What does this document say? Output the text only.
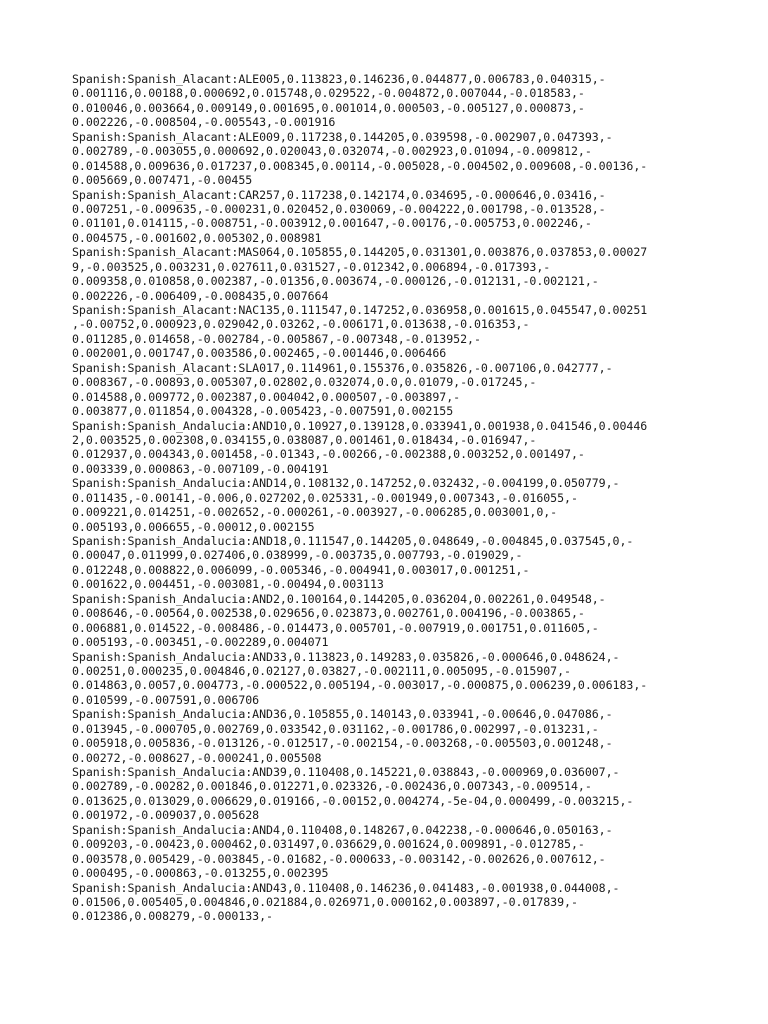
Spanish:Spanish_Alacant:ALE005,0.113823,0.146236,0.044877,0.006783,0.040315,-
0.001116,0.00188,0.000692,0.015748,0.029522,-0.004872,0.007044,-0.018583,-
0.010046,0.003664,0.009149,0.001695,0.001014,0.000503,-0.005127,0.000873,-
0.002226,-0.008504,-0.005543,-0.001916
Spanish:Spanish_Alacant:ALE009,0.117238,0.144205,0.039598,-0.002907,0.047393,-
0.002789,-0.003055,0.000692,0.020043,0.032074,-0.002923,0.01094,-0.009812,-
0.014588,0.009636,0.017237,0.008345,0.00114,-0.005028,-0.004502,0.009608,-0.00136,-
0.005669,0.007471,-0.00455
Spanish:Spanish_Alacant:CAR257,0.117238,0.142174,0.034695,-0.000646,0.03416,-
0.007251,-0.009635,-0.000231,0.020452,0.030069,-0.004222,0.001798,-0.013528,-
0.01101,0.014115,-0.008751,-0.003912,0.001647,-0.00176,-0.005753,0.002246,-
0.004575,-0.001602,0.005302,0.008981
Spanish:Spanish_Alacant:MAS064,0.105855,0.144205,0.031301,0.003876,0.037853,0.00027
9,-0.003525,0.003231,0.027611,0.031527,-0.012342,0.006894,-0.017393,-
0.009358,0.010858,0.002387,-0.01356,0.003674,-0.000126,-0.012131,-0.002121,-
0.002226,-0.006409,-0.008435,0.007664
Spanish:Spanish_Alacant:NAC135,0.111547,0.147252,0.036958,0.001615,0.045547,0.00251
,-0.00752,0.000923,0.029042,0.03262,-0.006171,0.013638,-0.016353,-
0.011285,0.014658,-0.002784,-0.005867,-0.007348,-0.013952,-
0.002001,0.001747,0.003586,0.002465,-0.001446,0.006466
Spanish:Spanish_Alacant:SLA017,0.114961,0.155376,0.035826,-0.007106,0.042777,-
0.008367,-0.00893,0.005307,0.02802,0.032074,0.0,0.01079,-0.017245,-
0.014588,0.009772,0.002387,0.004042,0.000507,-0.003897,-
0.003877,0.011854,0.004328,-0.005423,-0.007591,0.002155
Spanish:Spanish_Andalucia:AND10,0.10927,0.139128,0.033941,0.001938,0.041546,0.00446
2,0.003525,0.002308,0.034155,0.038087,0.001461,0.018434,-0.016947,-
0.012937,0.004343,0.001458,-0.01343,-0.00266,-0.002388,0.003252,0.001497,-
0.003339,0.000863,-0.007109,-0.004191
Spanish:Spanish_Andalucia:AND14,0.108132,0.147252,0.032432,-0.004199,0.050779,-
0.011435,-0.00141,-0.006,0.027202,0.025331,-0.001949,0.007343,-0.016055,-
0.009221,0.014251,-0.002652,-0.000261,-0.003927,-0.006285,0.003001,0,-
0.005193,0.006655,-0.00012,0.002155
Spanish:Spanish_Andalucia:AND18,0.111547,0.144205,0.048649,-0.004845,0.037545,0,-
0.00047,0.011999,0.027406,0.038999,-0.003735,0.007793,-0.019029,-
0.012248,0.008822,0.006099,-0.005346,-0.004941,0.003017,0.001251,-
0.001622,0.004451,-0.003081,-0.00494,0.003113
Spanish:Spanish_Andalucia:AND2,0.100164,0.144205,0.036204,0.002261,0.049548,-
0.008646,-0.00564,0.002538,0.029656,0.023873,0.002761,0.004196,-0.003865,-
0.006881,0.014522,-0.008486,-0.014473,0.005701,-0.007919,0.001751,0.011605,-
0.005193,-0.003451,-0.002289,0.004071
Spanish:Spanish_Andalucia:AND33,0.113823,0.149283,0.035826,-0.000646,0.048624,-
0.00251,0.000235,0.004846,0.02127,0.03827,-0.002111,0.005095,-0.015907,-
0.014863,0.0057,0.004773,-0.000522,0.005194,-0.003017,-0.000875,0.006239,0.006183,-
0.010599,-0.007591,0.006706
Spanish:Spanish_Andalucia:AND36,0.105855,0.140143,0.033941,-0.00646,0.047086,-
0.013945,-0.000705,0.002769,0.033542,0.031162,-0.001786,0.002997,-0.013231,-
0.005918,0.005836,-0.013126,-0.012517,-0.002154,-0.003268,-0.005503,0.001248,-
0.00272,-0.008627,-0.000241,0.005508
Spanish:Spanish_Andalucia:AND39,0.110408,0.145221,0.038843,-0.000969,0.036007,-
0.002789,-0.00282,0.001846,0.012271,0.023326,-0.002436,0.007343,-0.009514,-
0.013625,0.013029,0.006629,0.019166,-0.00152,0.004274,-5e-04,0.000499,-0.003215,-
0.001972,-0.009037,0.005628
Spanish:Spanish_Andalucia:AND4,0.110408,0.148267,0.042238,-0.000646,0.050163,-
0.009203,-0.00423,0.000462,0.031497,0.036629,0.001624,0.009891,-0.012785,-
0.003578,0.005429,-0.003845,-0.01682,-0.000633,-0.003142,-0.002626,0.007612,-
0.000495,-0.000863,-0.013255,0.002395
Spanish:Spanish_Andalucia:AND43,0.110408,0.146236,0.041483,-0.001938,0.044008,-
0.01506,0.005405,0.004846,0.021884,0.026971,0.000162,0.003897,-0.017839,-
0.012386,0.008279,-0.000133,-
